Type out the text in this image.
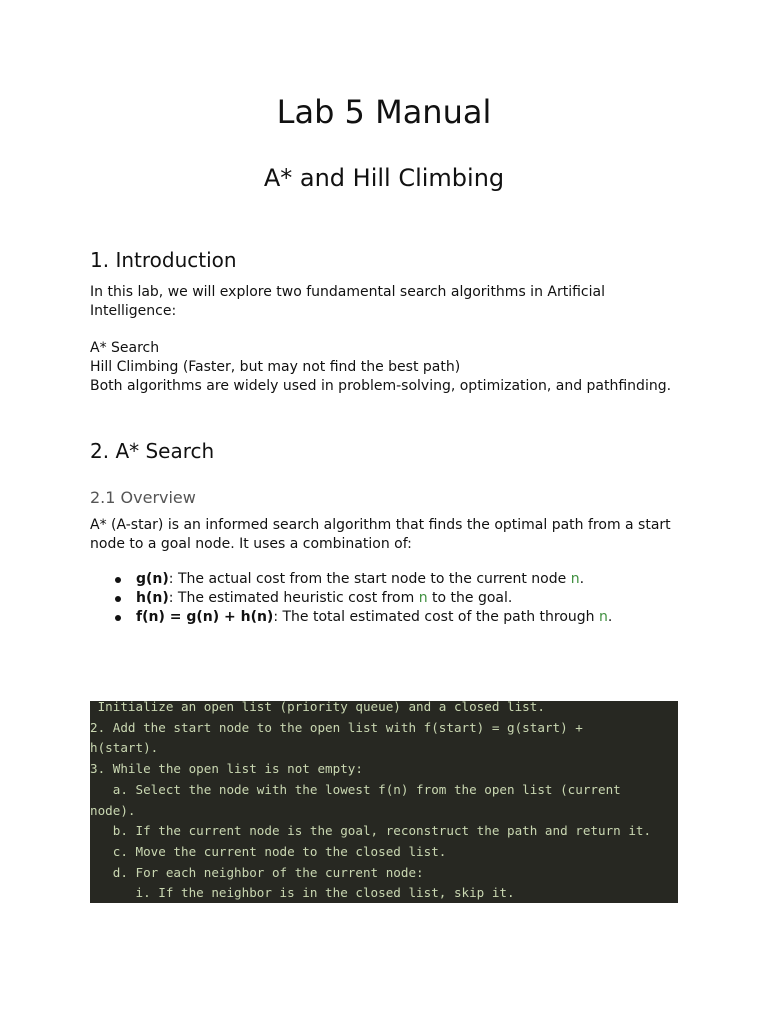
Lab 5 Manual
A* and Hill Climbing
1. Introduction

In this lab, we will explore two fundamental search algorithms in Artificial Intelligence:

A* Search

Hill Climbing (Faster, but may not find the best path)

Both algorithms are widely used in problem-solving, optimization, and pathfinding.

2. A* Search
2.1 Overview

A* (A-star) is an informed search algorithm that finds the optimal path from a start node to a goal node. It uses a combination of:

g(n): The actual cost from the start node to the current node n.
h(n): The estimated heuristic cost from n to the goal.
f(n) = g(n) + h(n): The total estimated cost of the path through n.
Initialize an open list (priority queue) and a closed list.
2. Add the start node to the open list with f(start) = g(start) +
h(start).
3. While the open list is not empty:
a. Select the node with the lowest f(n) from the open list (current
node).
b. If the current node is the goal, reconstruct the path and return it.
c. Move the current node to the closed list.
d. For each neighbor of the current node:
i. If the neighbor is in the closed list, skip it.
